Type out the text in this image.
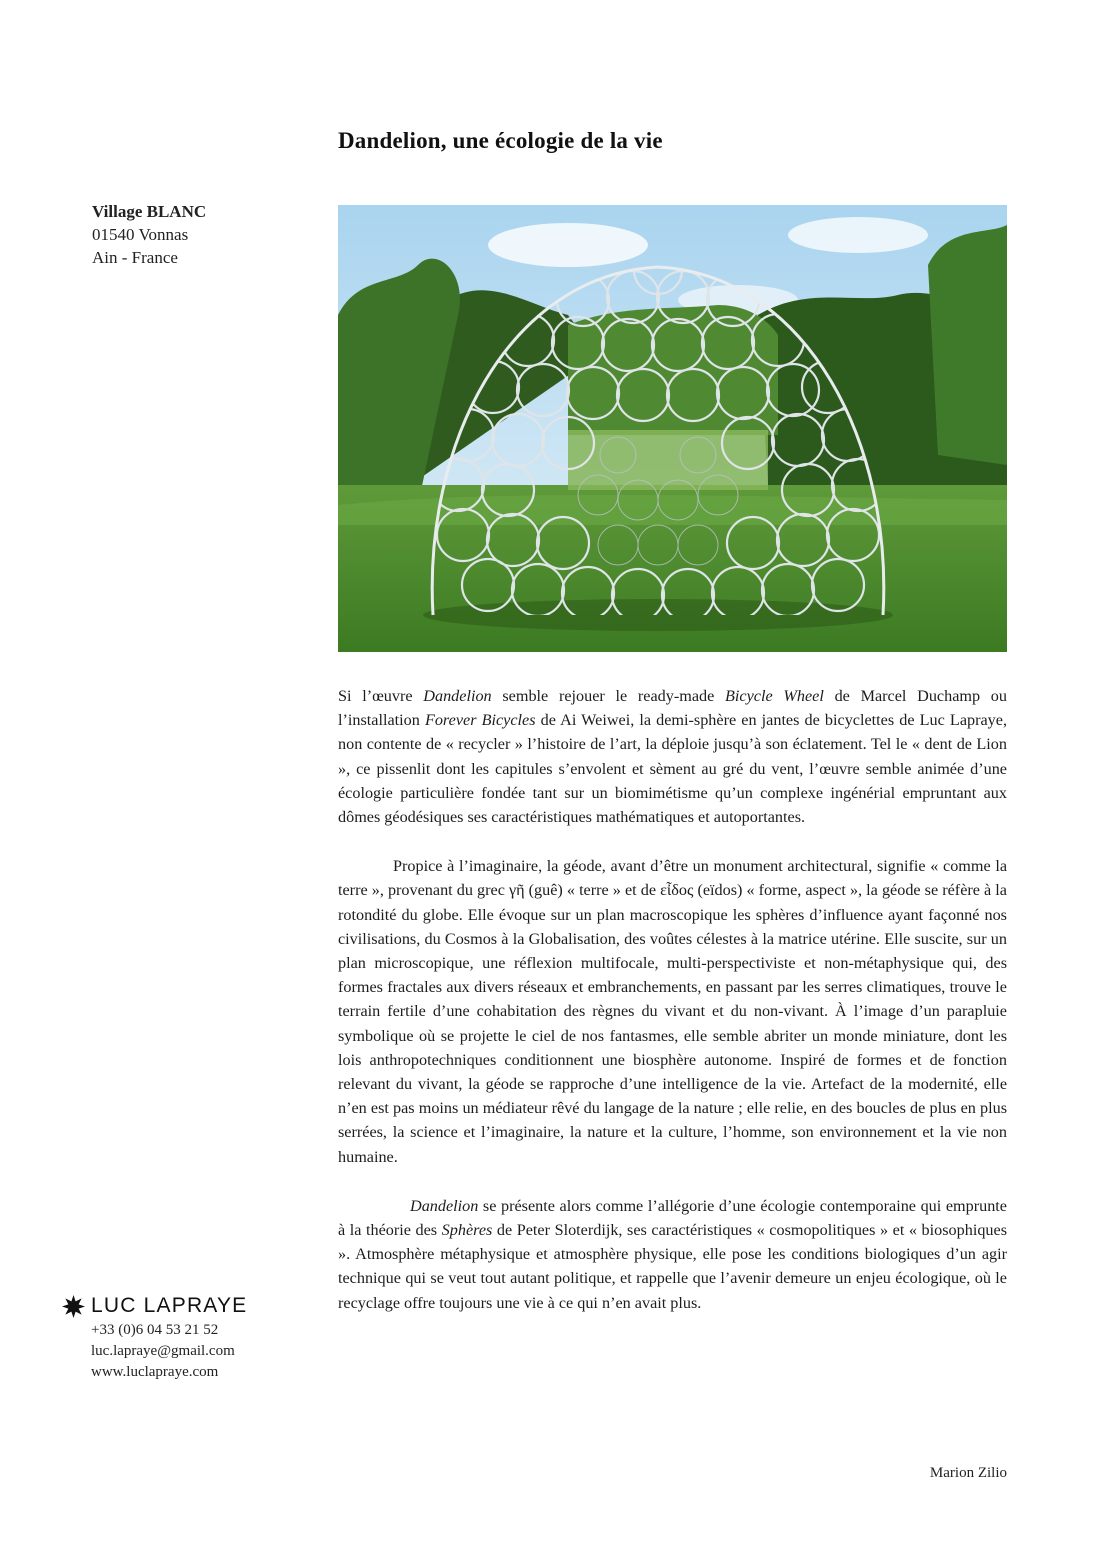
Dandelion, une écologie de la vie
Village BLANC
01540 Vonnas
Ain - France

Si l’œuvre Dandelion semble rejouer le ready-made Bicycle Wheel de Marcel Duchamp ou l’installation Forever Bicycles de Ai Weiwei, la demi-sphère en jantes de bicyclettes de Luc Lapraye, non contente de « recycler » l’histoire de l’art, la déploie jusqu’à son éclatement. Tel le « dent de Lion », ce pissenlit dont les capitules s’envolent et sèment au gré du vent, l’œuvre semble animée d’une écologie particulière fondée tant sur un biomimétisme qu’un complexe ingénérial empruntant aux dômes géodésiques ses caractéristiques mathématiques et autoportantes.

Propice à l’imaginaire, la géode, avant d’être un monument architectural, signifie « comme la terre », provenant du grec γῆ (guê) « terre » et de εἶδος (eïdos) « forme, aspect », la géode se réfère à la rotondité du globe. Elle évoque sur un plan macroscopique les sphères d’influence ayant façonné nos civilisations, du Cosmos à la Globalisation, des voûtes célestes à la matrice utérine. Elle suscite, sur un plan microscopique, une réflexion multifocale, multi-perspectiviste et non-métaphysique qui, des formes fractales aux divers réseaux et embranchements, en passant par les serres climatiques, trouve le terrain fertile d’une cohabitation des règnes du vivant et du non-vivant. À l’image d’un parapluie symbolique où se projette le ciel de nos fantasmes, elle semble abriter un monde miniature, dont les lois anthropotechniques conditionnent une biosphère autonome. Inspiré de formes et de fonction relevant du vivant, la géode se rapproche d’une intelligence de la vie. Artefact de la modernité, elle n’en est pas moins un médiateur rêvé du langage de la nature ; elle relie, en des boucles de plus en plus serrées, la science et l’imaginaire, la nature et la culture, l’homme, son environnement et la vie non humaine.

Dandelion se présente alors comme l’allégorie d’une écologie contemporaine qui emprunte à la théorie des Sphères de Peter Sloterdijk, ses caractéristiques « cosmopolitiques » et « biosophiques ». Atmosphère métaphysique et atmosphère physique, elle pose les conditions biologiques d’un agir technique qui se veut tout autant politique, et rappelle que l’avenir demeure un enjeu écologique, où le recyclage offre toujours une vie à ce qui n’en avait plus.

Marion Zilio
LUC LAPRAYE
+33 (0)6 04 53 21 52
luc.lapraye@gmail.com
www.luclapraye.com
